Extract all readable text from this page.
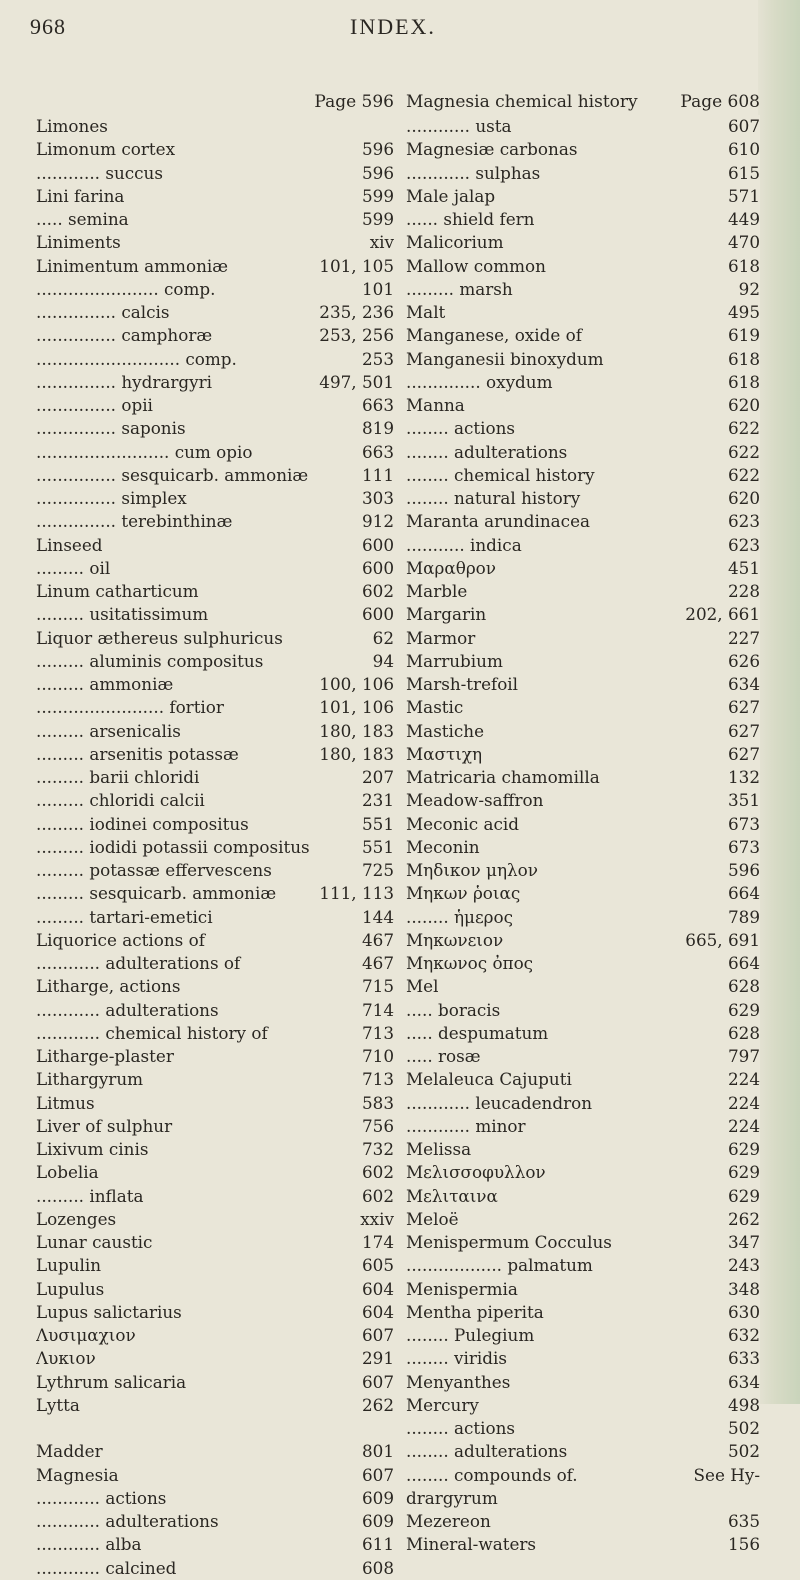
968	INDEX.
Page 596
Limones
Limonum cortex	596
............ succus	596
Lini farina	599
..... semina	599
Liniments	xiv
Linimentum ammoniæ	101, 105
....................... comp.	101
............... calcis	235, 236
............... camphoræ	253, 256
........................... comp.	253
............... hydrargyri	497, 501
............... opii	663
............... saponis	819
......................... cum opio	663
............... sesquicarb. ammoniæ	111
............... simplex	303
............... terebinthinæ	912
Linseed	600
......... oil	600
Linum catharticum	602
......... usitatissimum	600
Liquor æthereus sulphuricus	62
......... aluminis compositus	94
......... ammoniæ	100, 106
........................ fortior	101, 106
......... arsenicalis	180, 183
......... arsenitis potassæ	180, 183
......... barii chloridi	207
......... chloridi calcii	231
......... iodinei compositus	551
......... iodidi potassii compositus	551
......... potassæ effervescens	725
......... sesquicarb. ammoniæ	111, 113
......... tartari-emetici	144
Liquorice actions of	467
............ adulterations of	467
Litharge, actions	715
............ adulterations	714
............ chemical history of	713
Litharge-plaster	710
Lithargyrum	713
Litmus	583
Liver of sulphur	756
Lixivum cinis	732
Lobelia	602
......... inflata	602
Lozenges	xxiv
Lunar caustic	174
Lupulin	605
Lupulus	604
Lupus salictarius	604
Λυσιμαχιον	607
Λυκιον	291
Lythrum salicaria	607
Lytta	262
Madder	801
Magnesia	607
............ actions	609
............ adulterations	609
............ alba	611
............ calcined	608
Magnesia chemical history	Page 608
............ usta	607
Magnesiæ carbonas	610
............ sulphas	615
Male jalap	571
...... shield fern	449
Malicorium	470
Mallow common	618
......... marsh	92
Malt	495
Manganese, oxide of	619
Manganesii binoxydum	618
.............. oxydum	618
Manna	620
........ actions	622
........ adulterations	622
........ chemical history	622
........ natural history	620
Maranta arundinacea	623
........... indica	623
Μαραθρον	451
Marble	228
Margarin	202, 661
Marmor	227
Marrubium	626
Marsh-trefoil	634
Mastic	627
Mastiche	627
Μαστιχη	627
Matricaria chamomilla	132
Meadow-saffron	351
Meconic acid	673
Meconin	673
Μηδικον μηλον	596
Μηκων ῥοιας	664
........ ἡμερος	789
Μηκωνειον	665, 691
Μηκωνος ὀπος	664
Mel	628
..... boracis	629
..... despumatum	628
..... rosæ	797
Melaleuca Cajuputi	224
............ leucadendron	224
............ minor	224
Melissa	629
Μελισσοφυλλον	629
Μελιταινα	629
Meloë	262
Menispermum Cocculus	347
.................. palmatum	243
Menispermia	348
Mentha piperita	630
........ Pulegium	632
........ viridis	633
Menyanthes	634
Mercury	498
........ actions	502
........ adulterations	502
........ compounds of.	See Hy-
drargyrum
Mezereon	635
Mineral-waters	156
